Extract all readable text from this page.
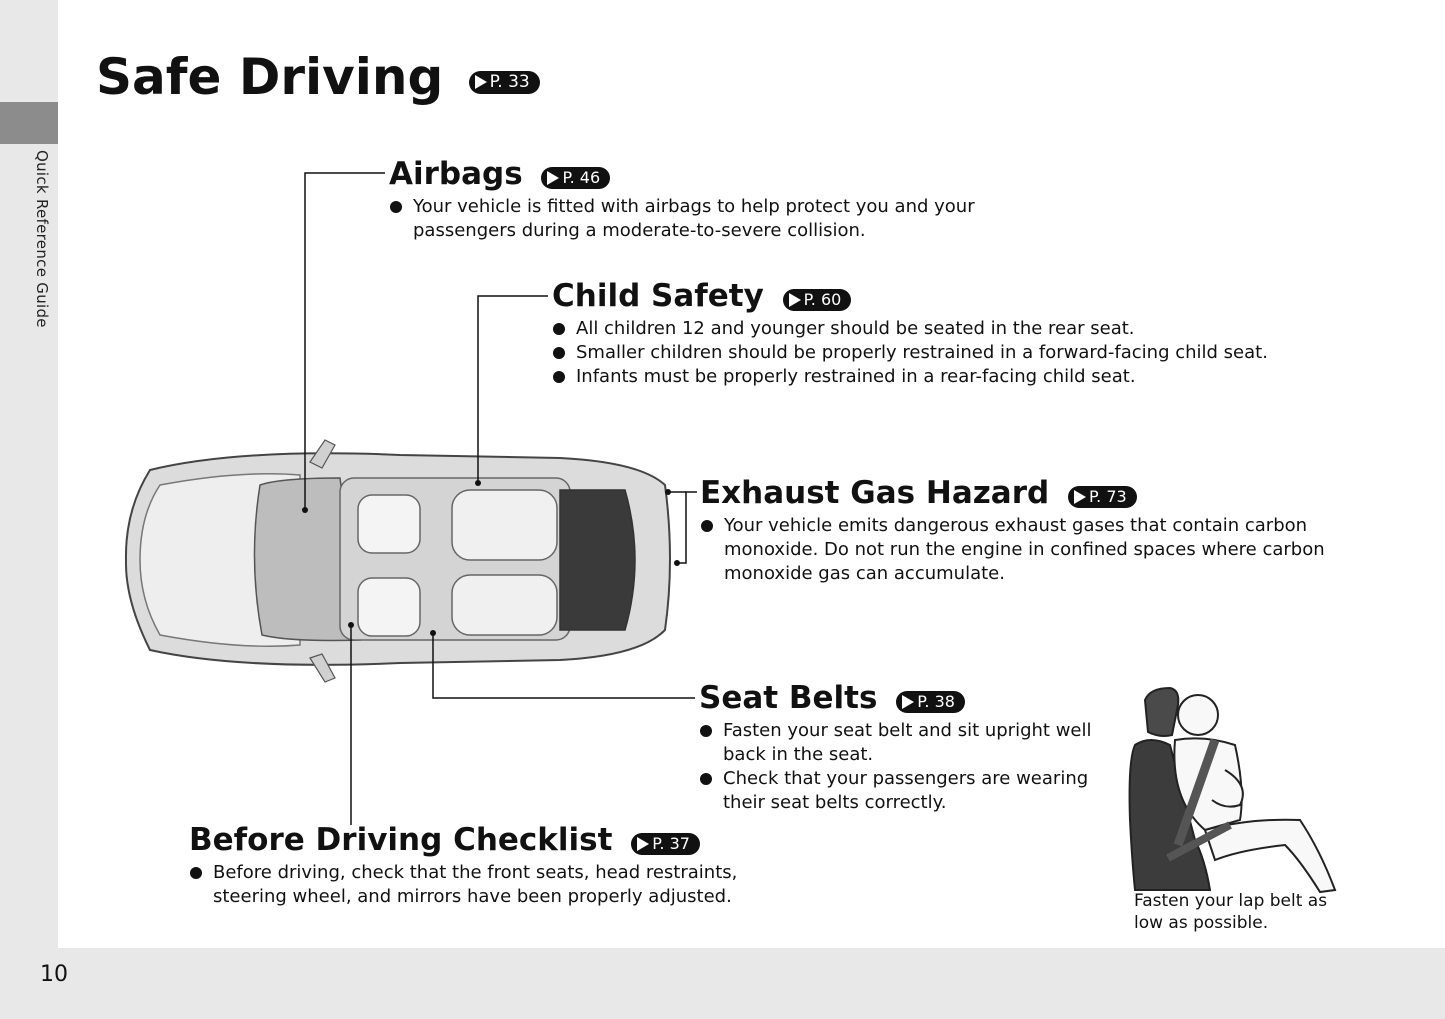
Quick Reference Guide
10
Safe Driving	P. 33
Airbags P. 46
Your vehicle is fitted with airbags to help protect you and your
passengers during a moderate-to-severe collision.
Child Safety P. 60
All children 12 and younger should be seated in the rear seat.
Smaller children should be properly restrained in a forward-facing child seat.
Infants must be properly restrained in a rear-facing child seat.
Exhaust Gas Hazard P. 73
Your vehicle emits dangerous exhaust gases that contain carbon
monoxide. Do not run the engine in confined spaces where carbon
monoxide gas can accumulate.
Seat Belts P. 38
Fasten your seat belt and sit upright well
back in the seat.
Check that your passengers are wearing
their seat belts correctly.
Before Driving Checklist P. 37
Before driving, check that the front seats, head restraints,
steering wheel, and mirrors have been properly adjusted.	Fasten your lap belt as
low as possible.
